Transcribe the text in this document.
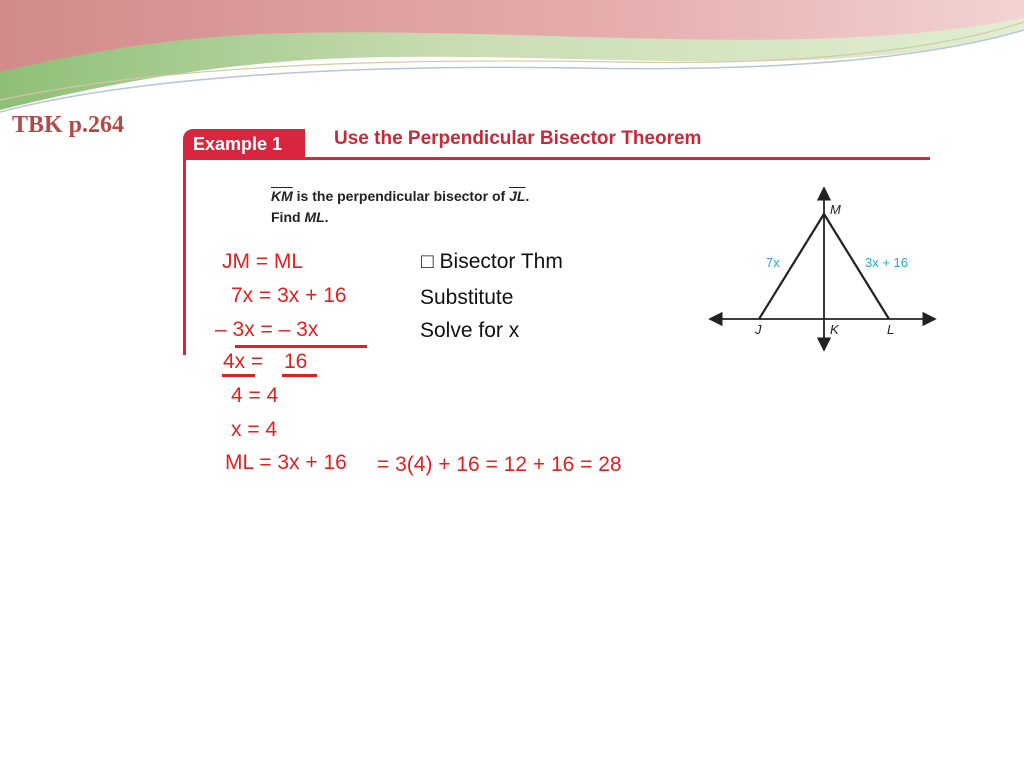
TBK p.264
Example 1	Use the Perpendicular Bisector Theorem
$\overline{KM}$ is the perpendicular bisector of $\overline{JL}$.
Find ML.	M
7x	3x + 16
J	K	L
JM = ML
7x = 3x + 16
– 3x = – 3x
4x = 16
4 = 4
x = 4
ML = 3x + 16 = 3(4) + 16 = 12 + 16 = 28
□ Bisector Thm
Substitute
Solve for x
